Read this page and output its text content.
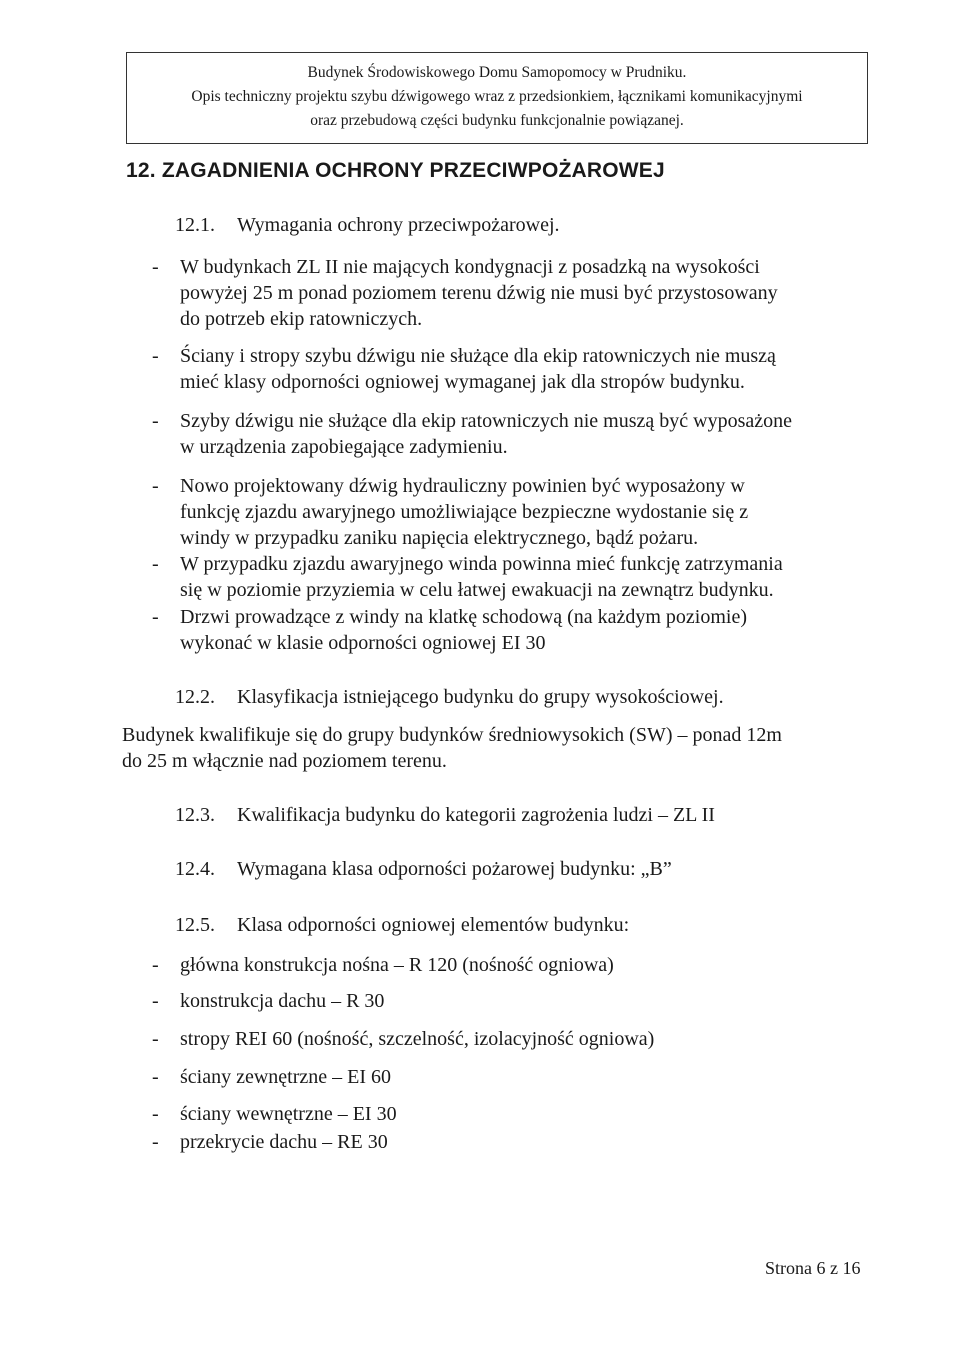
Budynek Środowiskowego Domu Samopomocy w Prudniku.
Opis techniczny projektu szybu dźwigowego wraz z przedsionkiem, łącznikami komunikacyjnymi
oraz przebudową części budynku funkcjonalnie powiązanej.
12. ZAGADNIENIA OCHRONY PRZECIWPOŻAROWEJ
12.1. Wymagania ochrony przeciwpożarowej.
- W budynkach ZL II nie mających kondygnacji z posadzką na wysokości
powyżej 25 m ponad poziomem terenu dźwig nie musi być przystosowany
do potrzeb ekip ratowniczych.
- Ściany i stropy szybu dźwigu nie służące dla ekip ratowniczych nie muszą
mieć klasy odporności ogniowej wymaganej jak dla stropów budynku.
- Szyby dźwigu nie służące dla ekip ratowniczych nie muszą być wyposażone
w urządzenia zapobiegające zadymieniu.
- Nowo projektowany dźwig hydrauliczny powinien być wyposażony w
funkcję zjazdu awaryjnego umożliwiające bezpieczne wydostanie się z
windy w przypadku zaniku napięcia elektrycznego, bądź pożaru.
- W przypadku zjazdu awaryjnego winda powinna mieć funkcję zatrzymania
się w poziomie przyziemia w celu łatwej ewakuacji na zewnątrz budynku.
- Drzwi prowadzące z windy na klatkę schodową (na każdym poziomie)
wykonać w klasie odporności ogniowej EI 30
12.2. Klasyfikacja istniejącego budynku do grupy wysokościowej.
Budynek kwalifikuje się do grupy budynków średniowysokich (SW) – ponad 12m
do 25 m włącznie nad poziomem terenu.
12.3. Kwalifikacja budynku do kategorii zagrożenia ludzi – ZL II
12.4. Wymagana klasa odporności pożarowej budynku: „B”
12.5. Klasa odporności ogniowej elementów budynku:
- główna konstrukcja nośna – R 120 (nośność ogniowa)
- konstrukcja dachu – R 30
- stropy REI 60 (nośność, szczelność, izolacyjność ogniowa)
- ściany zewnętrzne – EI 60
- ściany wewnętrzne – EI 30
- przekrycie dachu – RE 30
Strona 6 z 16
